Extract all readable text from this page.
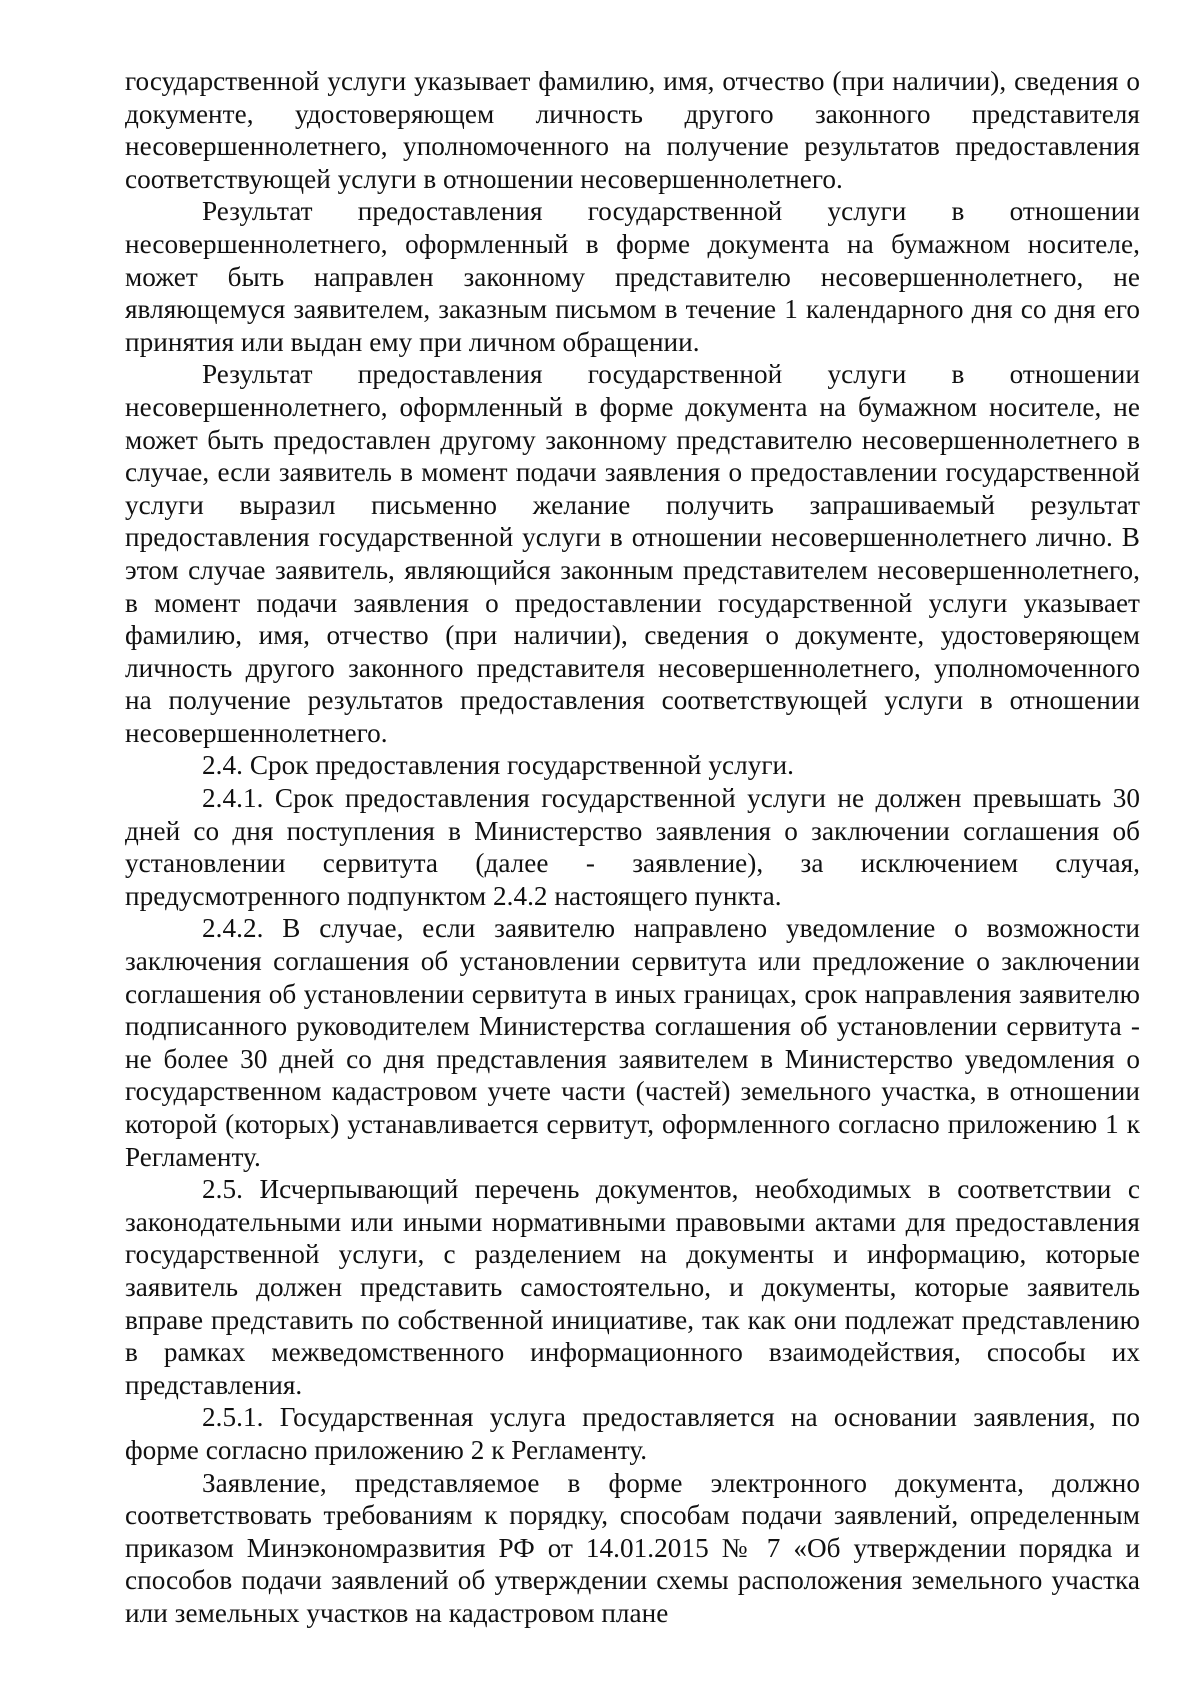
государственной услуги указывает фамилию, имя, отчество (при наличии), сведения о документе, удостоверяющем личность другого законного представителя несовершеннолетнего, уполномоченного на получение результатов предоставления соответствующей услуги в отношении несовершеннолетнего.

Результат предоставления государственной услуги в отношении несовершеннолетнего, оформленный в форме документа на бумажном носителе, может быть направлен законному представителю несовершеннолетнего, не являющемуся заявителем, заказным письмом в течение 1 календарного дня со дня его принятия или выдан ему при личном обращении.

Результат предоставления государственной услуги в отношении несовершеннолетнего, оформленный в форме документа на бумажном носителе, не может быть предоставлен другому законному представителю несовершеннолетнего в случае, если заявитель в момент подачи заявления о предоставлении государственной услуги выразил письменно желание получить запрашиваемый результат предоставления государственной услуги в отношении несовершеннолетнего лично. В этом случае заявитель, являющийся законным представителем несовершеннолетнего, в момент подачи заявления о предоставлении государственной услуги указывает фамилию, имя, отчество (при наличии), сведения о документе, удостоверяющем личность другого законного представителя несовершеннолетнего, уполномоченного на получение результатов предоставления соответствующей услуги в отношении несовершеннолетнего.

2.4. Срок предоставления государственной услуги.

2.4.1. Срок предоставления государственной услуги не должен превышать 30 дней со дня поступления в Министерство заявления о заключении соглашения об установлении сервитута (далее - заявление), за исключением случая, предусмотренного подпунктом 2.4.2 настоящего пункта.

2.4.2. В случае, если заявителю направлено уведомление о возможности заключения соглашения об установлении сервитута или предложение о заключении соглашения об установлении сервитута в иных границах, срок направления заявителю подписанного руководителем Министерства соглашения об установлении сервитута - не более 30 дней со дня представления заявителем в Министерство уведомления о государственном кадастровом учете части (частей) земельного участка, в отношении которой (которых) устанавливается сервитут, оформленного согласно приложению 1 к Регламенту.

2.5. Исчерпывающий перечень документов, необходимых в соответствии с законодательными или иными нормативными правовыми актами для предоставления государственной услуги, с разделением на документы и информацию, которые заявитель должен представить самостоятельно, и документы, которые заявитель вправе представить по собственной инициативе, так как они подлежат представлению в рамках межведомственного информационного взаимодействия, способы их представления.

2.5.1. Государственная услуга предоставляется на основании заявления, по форме согласно приложению 2 к Регламенту.

Заявление, представляемое в форме электронного документа, должно соответствовать требованиям к порядку, способам подачи заявлений, определенным приказом Минэкономразвития РФ от 14.01.2015 № 7 «Об утверждении порядка и способов подачи заявлений об утверждении схемы расположения земельного участка или земельных участков на кадастровом плане
